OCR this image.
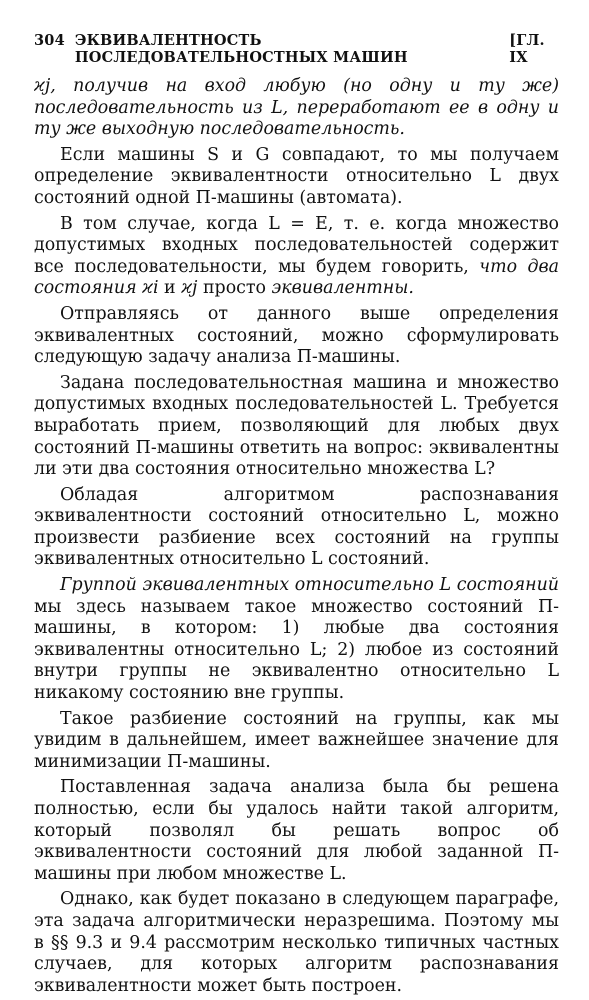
304 ЭКВИВАЛЕНТНОСТЬ ПОСЛЕДОВАТЕЛЬНОСТНЫХ МАШИН
[ГЛ. IX

ϰj, получив на вход любую (но одну и ту же) последовательность из L, переработают ее в одну и ту же выходную последовательность.

Если машины S и G совпадают, то мы получаем определение эквивалентности относительно L двух состояний одной П-машины (автомата).

В том случае, когда L = E, т. е. когда множество допустимых входных последовательностей содержит все последовательности, мы будем говорить, что два состояния ϰi и ϰj просто эквивалентны.

Отправляясь от данного выше определения эквивалентных состояний, можно сформулировать следующую задачу анализа П-машины.

Задана последовательностная машина и множество допустимых входных последовательностей L. Требуется выработать прием, позволяющий для любых двух состояний П-машины ответить на вопрос: эквивалентны ли эти два состояния относительно множества L?

Обладая алгоритмом распознавания эквивалентности состояний относительно L, можно произвести разбиение всех состояний на группы эквивалентных относительно L состояний.

Группой эквивалентных относительно L состояний мы здесь называем такое множество состояний П-машины, в котором: 1) любые два состояния эквивалентны относительно L; 2) любое из состояний внутри группы не эквивалентно относительно L никакому состоянию вне группы.

Такое разбиение состояний на группы, как мы увидим в дальнейшем, имеет важнейшее значение для минимизации П-машины.

Поставленная задача анализа была бы решена полностью, если бы удалось найти такой алгоритм, который позволял бы решать вопрос об эквивалентности состояний для любой заданной П-машины при любом множестве L.

Однако, как будет показано в следующем параграфе, эта задача алгоритмически неразрешима. Поэтому мы в §§ 9.3 и 9.4 рассмотрим несколько типичных частных случаев, для которых алгоритм распознавания эквивалентности может быть построен.
